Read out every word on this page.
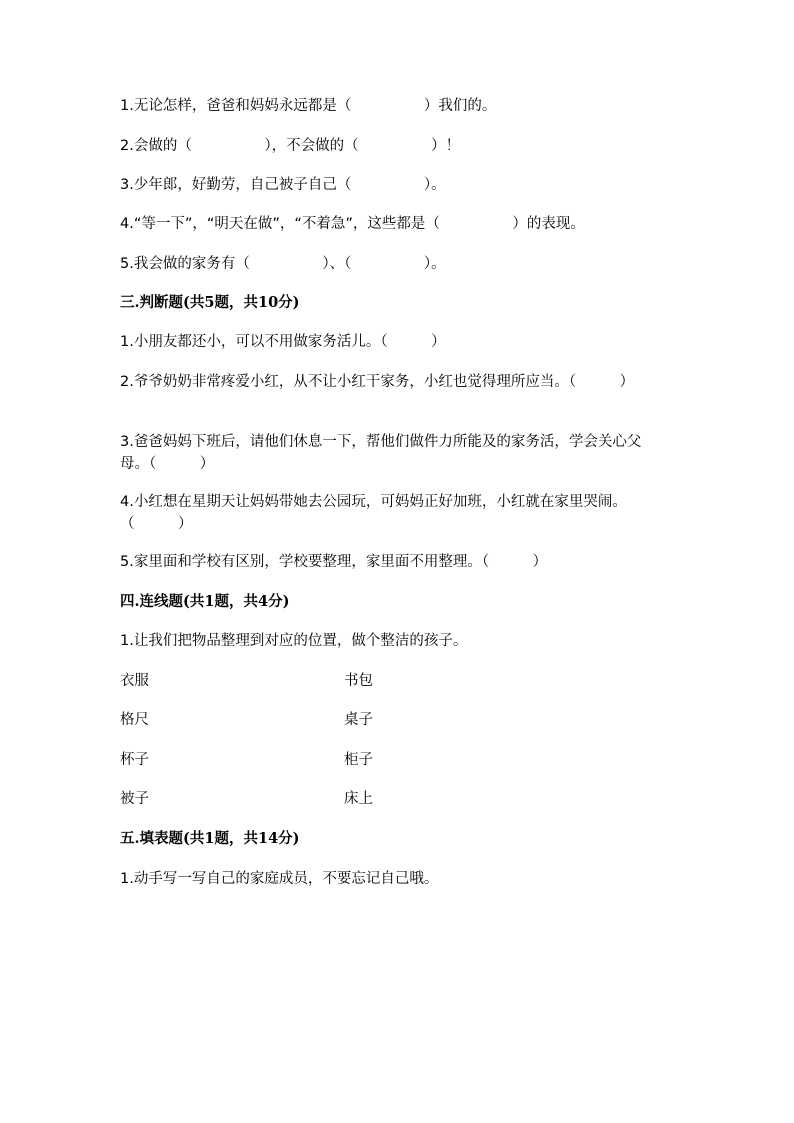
1.无论怎样，爸爸和妈妈永远都是（　　　　　）我们的。
2.会做的（　　　　　），不会做的（　　　　　）！
3.少年郎，好勤劳，自己被子自己（　　　　　）。
4.“等一下”，“明天在做”，“不着急”，这些都是（　　　　　）的表现。
5.我会做的家务有（　　　　　）、（　　　　　）。
三.判断题(共5题，共10分)
1.小朋友都还小，可以不用做家务活儿。（　　　）
2.爷爷奶奶非常疼爱小红，从不让小红干家务，小红也觉得理所应当。（　　　）
3.爸爸妈妈下班后，请他们休息一下，帮他们做件力所能及的家务活，学会关心父母。（　　　）
4.小红想在星期天让妈妈带她去公园玩，可妈妈正好加班，小红就在家里哭闹。（　　　）
5.家里面和学校有区别，学校要整理，家里面不用整理。（　　　）
四.连线题(共1题，共4分)
1.让我们把物品整理到对应的位置，做个整洁的孩子。
衣服	书包
格尺	桌子
杯子	柜子
被子	床上
五.填表题(共1题，共14分)
1.动手写一写自己的家庭成员，不要忘记自己哦。
